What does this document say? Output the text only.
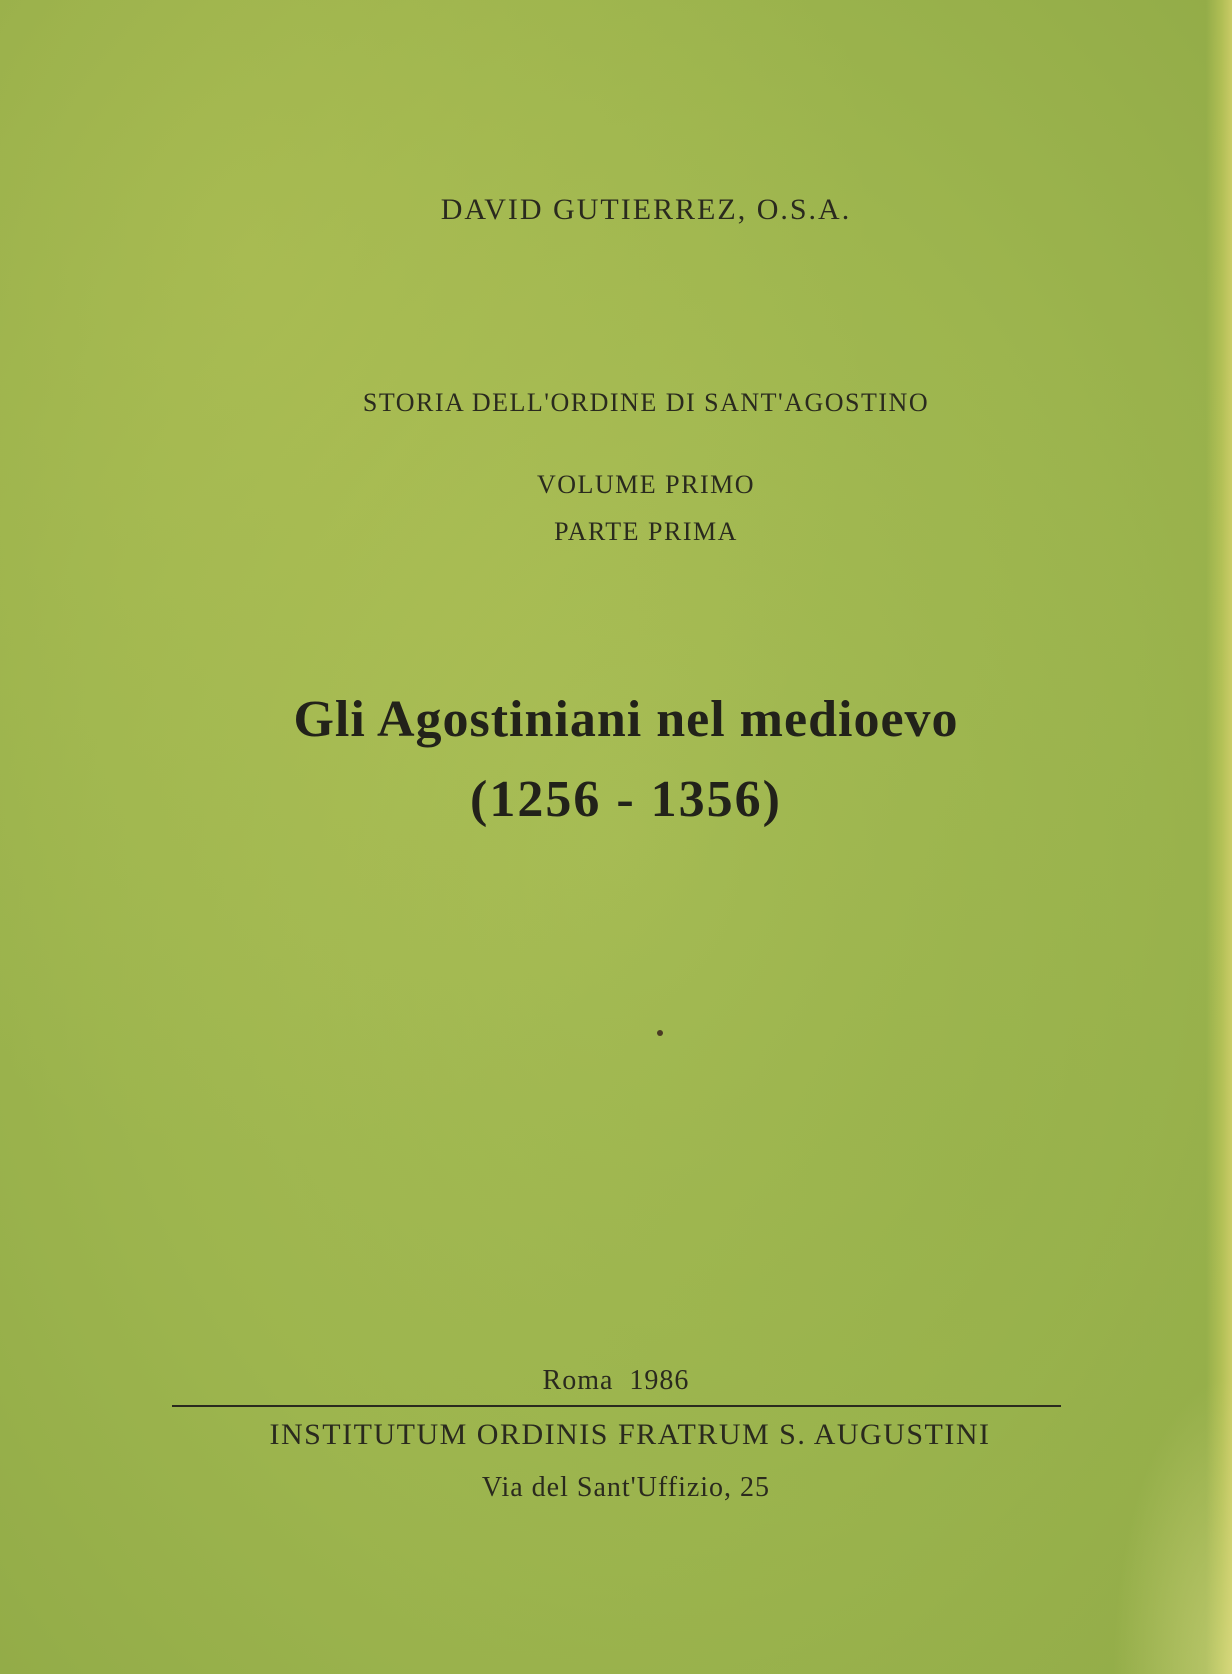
DAVID GUTIERREZ, O.S.A.
STORIA DELL'ORDINE DI SANT'AGOSTINO
VOLUME PRIMO
PARTE PRIMA
Gli Agostiniani nel medioevo
(1256 - 1356)
Roma  1986
INSTITUTUM ORDINIS FRATRUM S. AUGUSTINI
Via del Sant'Uffizio, 25
